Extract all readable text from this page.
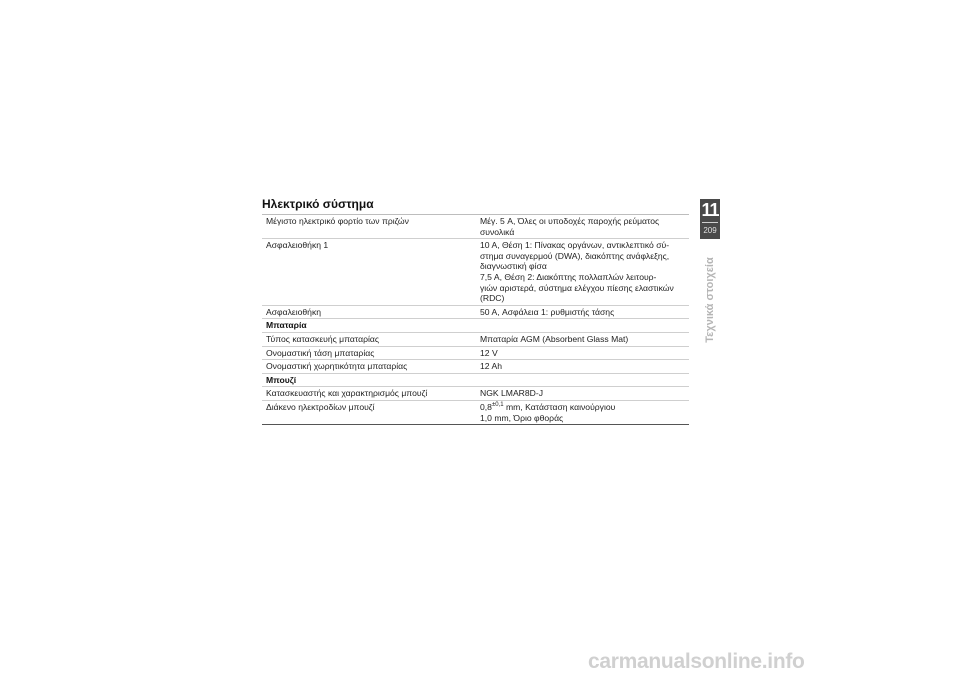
Ηλεκτρικό σύστημα
Μέγιστο ηλεκτρικό φορτίο των πριζών	Μέγ. 5 A, Όλες οι υποδοχές παροχής ρεύματος
συνολικά
Ασφαλειοθήκη 1	10 A, Θέση 1: Πίνακας οργάνων, αντικλεπτικό σύ-
στημα συναγερμού (DWA), διακόπτης ανάφλεξης,
διαγνωστική φίσα
7,5 A, Θέση 2: Διακόπτης πολλαπλών λειτουρ-
γιών αριστερά, σύστημα ελέγχου πίεσης ελαστικών
(RDC)
Ασφαλειοθήκη	50 A, Ασφάλεια 1: ρυθμιστής τάσης
Μπαταρία
Τύπος κατασκευής μπαταρίας	Μπαταρία AGM (Absorbent Glass Mat)
Ονομαστική τάση μπαταρίας	12 V
Ονομαστική χωρητικότητα μπαταρίας	12 Ah
Μπουζί
Κατασκευαστής και χαρακτηρισμός μπουζί	NGK LMAR8D-J
Διάκενο ηλεκτροδίων μπουζί	$0,8^{\pm 0,1}$ mm, Κατάσταση καινούργιου
1,0 mm, Όριο φθοράς
11
209
Τεχνικά στοιχεία
carmanualsonline.info
